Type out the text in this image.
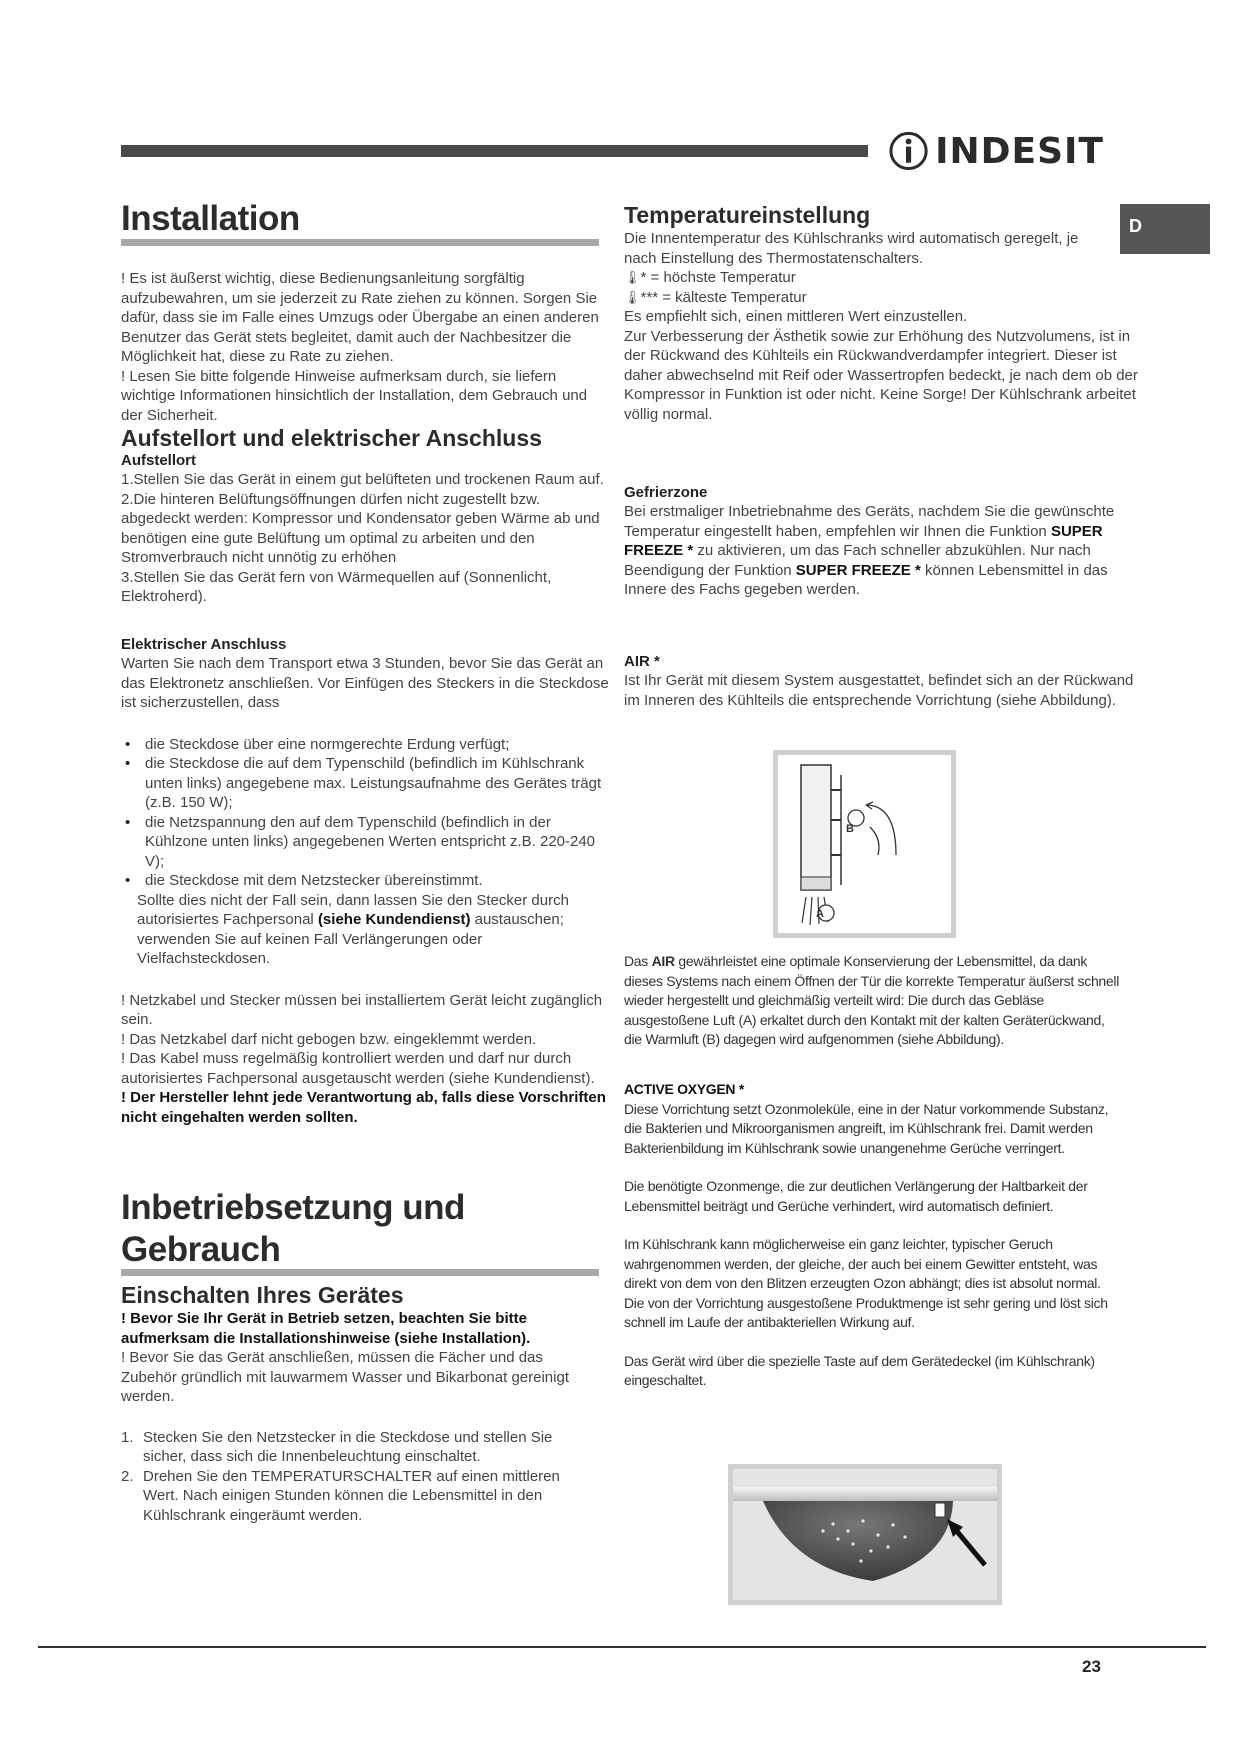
INDESIT
D
Installation

! Es ist äußerst wichtig, diese Bedienungsanleitung sorgfältig aufzubewahren, um sie jederzeit zu Rate ziehen zu können. Sorgen Sie dafür, dass sie im Falle eines Umzugs oder Übergabe an einen anderen Benutzer das Gerät stets begleitet, damit auch der Nachbesitzer die Möglichkeit hat, diese zu Rate zu ziehen.

! Lesen Sie bitte folgende Hinweise aufmerksam durch, sie liefern wichtige Informationen hinsichtlich der Installation, dem Gebrauch und der Sicherheit.

Aufstellort und elektrischer Anschluss
Aufstellort

1.Stellen Sie das Gerät in einem gut belüfteten und trockenen Raum auf.

2.Die hinteren Belüftungsöffnungen dürfen nicht zugestellt bzw. abgedeckt werden: Kompressor und Kondensator geben Wärme ab und benötigen eine gute Belüftung um optimal zu arbeiten und den Stromverbrauch nicht unnötig zu erhöhen

3.Stellen Sie das Gerät fern von Wärmequellen auf (Sonnenlicht, Elektroherd).

Elektrischer Anschluss

Warten Sie nach dem Transport etwa 3 Stunden, bevor Sie das Gerät an das Elektronetz anschließen. Vor Einfügen des Steckers in die Steckdose ist sicherzustellen, dass

• die Steckdose über eine normgerechte Erdung verfügt;
• die Steckdose die auf dem Typenschild (befindlich im Kühlschrank unten links) angegebene max. Leistungsaufnahme des Gerätes trägt (z.B. 150 W);
• die Netzspannung den auf dem Typenschild (befindlich in der Kühlzone unten links) angegebenen Werten entspricht z.B. 220-240 V);
• die Steckdose mit dem Netzstecker übereinstimmt.

Sollte dies nicht der Fall sein, dann lassen Sie den Stecker durch autorisiertes Fachpersonal (siehe Kundendienst) austauschen; verwenden Sie auf keinen Fall Verlängerungen oder Vielfachsteckdosen.

! Netzkabel und Stecker müssen bei installiertem Gerät leicht zugänglich sein.

! Das Netzkabel darf nicht gebogen bzw. eingeklemmt werden.

! Das Kabel muss regelmäßig kontrolliert werden und darf nur durch autorisiertes Fachpersonal ausgetauscht werden (siehe Kundendienst).

! Der Hersteller lehnt jede Verantwortung ab, falls diese Vorschriften nicht eingehalten werden sollten.

Inbetriebsetzung und
Gebrauch
Einschalten Ihres Gerätes

! Bevor Sie Ihr Gerät in Betrieb setzen, beachten Sie bitte aufmerksam die Installationshinweise (siehe Installation).

! Bevor Sie das Gerät anschließen, müssen die Fächer und das Zubehör gründlich mit lauwarmem Wasser und Bikarbonat gereinigt werden.

1. Stecken Sie den Netzstecker in die Steckdose und stellen Sie sicher, dass sich die Innenbeleuchtung einschaltet.
2. Drehen Sie den TEMPERATURSCHALTER auf einen mittleren Wert. Nach einigen Stunden können die Lebensmittel in den Kühlschrank eingeräumt werden.
Temperatureinstellung

Die Innentemperatur des Kühlschranks wird automatisch geregelt, je nach Einstellung des Thermostatenschalters.

🌡* = höchste Temperatur

🌡*** = kälteste Temperatur

Es empfiehlt sich, einen mittleren Wert einzustellen.

Zur Verbesserung der Ästhetik sowie zur Erhöhung des Nutzvolumens, ist in der Rückwand des Kühlteils ein Rückwandverdampfer integriert. Dieser ist daher abwechselnd mit Reif oder Wassertropfen bedeckt, je nach dem ob der Kompressor in Funktion ist oder nicht. Keine Sorge! Der Kühlschrank arbeitet völlig normal.

Gefrierzone

Bei erstmaliger Inbetriebnahme des Geräts, nachdem Sie die gewünschte Temperatur eingestellt haben, empfehlen wir Ihnen die Funktion SUPER FREEZE * zu aktivieren, um das Fach schneller abzukühlen. Nur nach Beendigung der Funktion SUPER FREEZE * können Lebensmittel in das Innere des Fachs gegeben werden.

AIR *

Ist Ihr Gerät mit diesem System ausgestattet, befindet sich an der Rückwand im Inneren des Kühlteils die entsprechende Vorrichtung (siehe Abbildung).

B
A
Das AIR gewährleistet eine optimale Konservierung der Lebensmittel, da dank dieses Systems nach einem Öffnen der Tür die korrekte Temperatur äußerst schnell wieder hergestellt und gleichmäßig verteilt wird: Die durch das Gebläse ausgestoßene Luft (A) erkaltet durch den Kontakt mit der kalten Geräterückwand, die Warmluft (B) dagegen wird aufgenommen (siehe Abbildung).
ACTIVE OXYGEN *
Diese Vorrichtung setzt Ozonmoleküle, eine in der Natur vorkommende Substanz, die Bakterien und Mikroorganismen angreift, im Kühlschrank frei. Damit werden Bakterienbildung im Kühlschrank sowie unangenehme Gerüche verringert.
Die benötigte Ozonmenge, die zur deutlichen Verlängerung der Haltbarkeit der Lebensmittel beiträgt und Gerüche verhindert, wird automatisch definiert.
Im Kühlschrank kann möglicherweise ein ganz leichter, typischer Geruch wahrgenommen werden, der gleiche, der auch bei einem Gewitter entsteht, was direkt von dem von den Blitzen erzeugten Ozon abhängt; dies ist absolut normal. Die von der Vorrichtung ausgestoßene Produktmenge ist sehr gering und löst sich schnell im Laufe der antibakteriellen Wirkung auf.
Das Gerät wird über die spezielle Taste auf dem Gerätedeckel (im Kühlschrank) eingeschaltet.
23
